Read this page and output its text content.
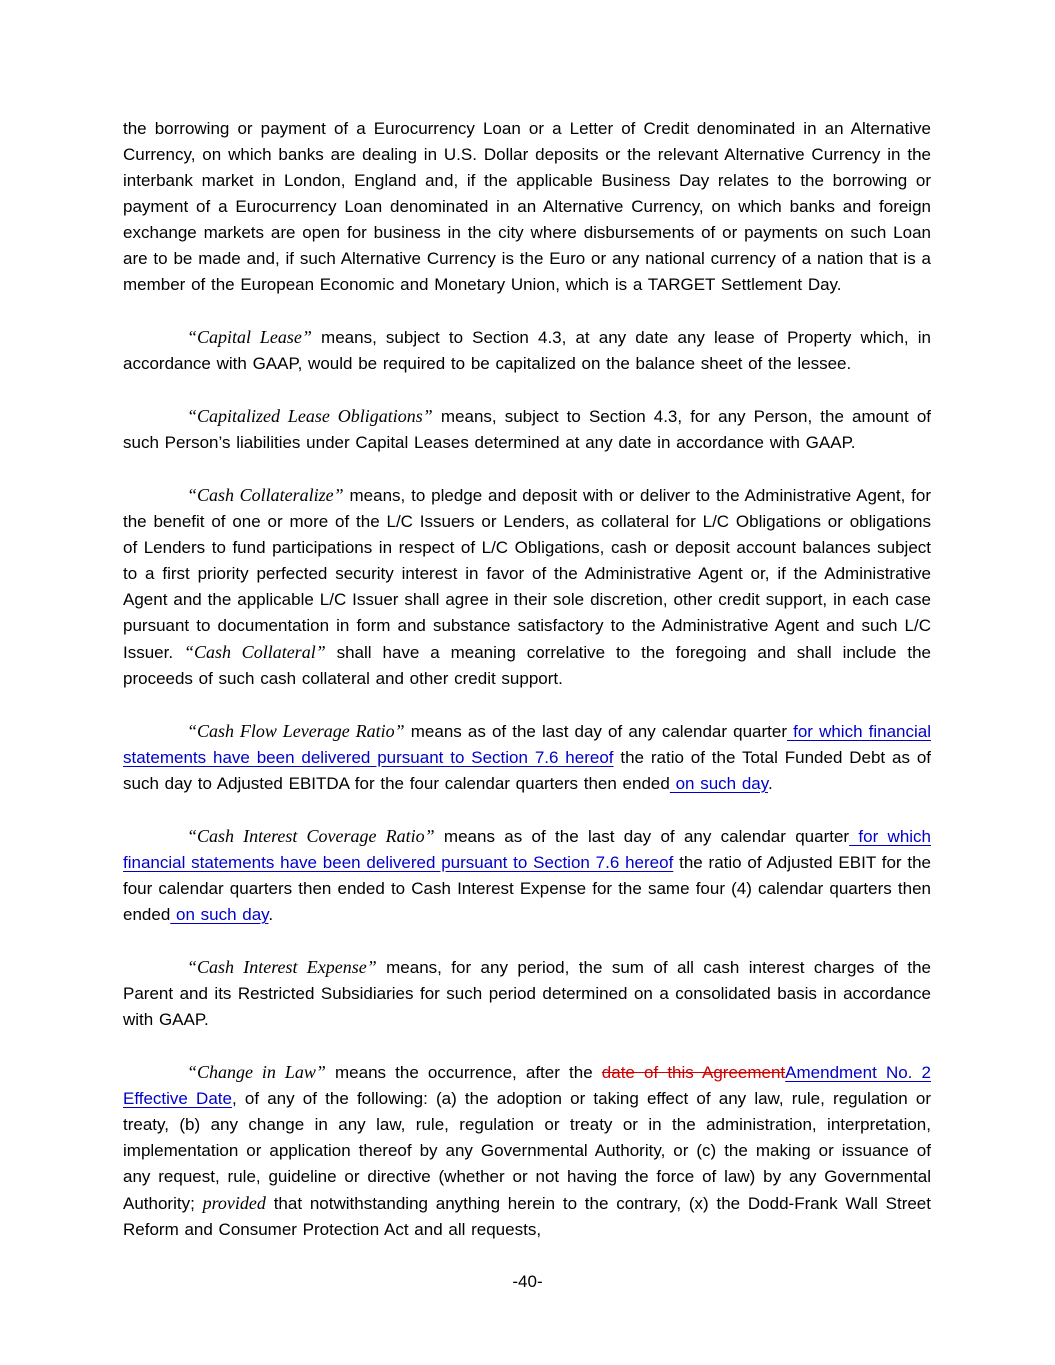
the borrowing or payment of a Eurocurrency Loan or a Letter of Credit denominated in an Alternative Currency, on which banks are dealing in U.S. Dollar deposits or the relevant Alternative Currency in the interbank market in London, England and, if the applicable Business Day relates to the borrowing or payment of a Eurocurrency Loan denominated in an Alternative Currency, on which banks and foreign exchange markets are open for business in the city where disbursements of or payments on such Loan are to be made and, if such Alternative Currency is the Euro or any national currency of a nation that is a member of the European Economic and Monetary Union, which is a TARGET Settlement Day.

“Capital Lease” means, subject to Section 4.3, at any date any lease of Property which, in accordance with GAAP, would be required to be capitalized on the balance sheet of the lessee.

“Capitalized Lease Obligations” means, subject to Section 4.3, for any Person, the amount of such Person’s liabilities under Capital Leases determined at any date in accordance with GAAP.

“Cash Collateralize” means, to pledge and deposit with or deliver to the Administrative Agent, for the benefit of one or more of the L/C Issuers or Lenders, as collateral for L/C Obligations or obligations of Lenders to fund participations in respect of L/C Obligations, cash or deposit account balances subject to a first priority perfected security interest in favor of the Administrative Agent or, if the Administrative Agent and the applicable L/C Issuer shall agree in their sole discretion, other credit support, in each case pursuant to documentation in form and substance satisfactory to the Administrative Agent and such L/C Issuer. “Cash Collateral” shall have a meaning correlative to the foregoing and shall include the proceeds of such cash collateral and other credit support.

“Cash Flow Leverage Ratio” means as of the last day of any calendar quarter for which financial statements have been delivered pursuant to Section 7.6 hereof the ratio of the Total Funded Debt as of such day to Adjusted EBITDA for the four calendar quarters then ended on such day.

“Cash Interest Coverage Ratio” means as of the last day of any calendar quarter for which financial statements have been delivered pursuant to Section 7.6 hereof the ratio of Adjusted EBIT for the four calendar quarters then ended to Cash Interest Expense for the same four (4) calendar quarters then ended on such day.

“Cash Interest Expense” means, for any period, the sum of all cash interest charges of the Parent and its Restricted Subsidiaries for such period determined on a consolidated basis in accordance with GAAP.

“Change in Law” means the occurrence, after the date of this AgreementAmendment No. 2 Effective Date, of any of the following: (a) the adoption or taking effect of any law, rule, regulation or treaty, (b) any change in any law, rule, regulation or treaty or in the administration, interpretation, implementation or application thereof by any Governmental Authority, or (c) the making or issuance of any request, rule, guideline or directive (whether or not having the force of law) by any Governmental Authority; provided that notwithstanding anything herein to the contrary, (x) the Dodd-Frank Wall Street Reform and Consumer Protection Act and all requests,

-40-
